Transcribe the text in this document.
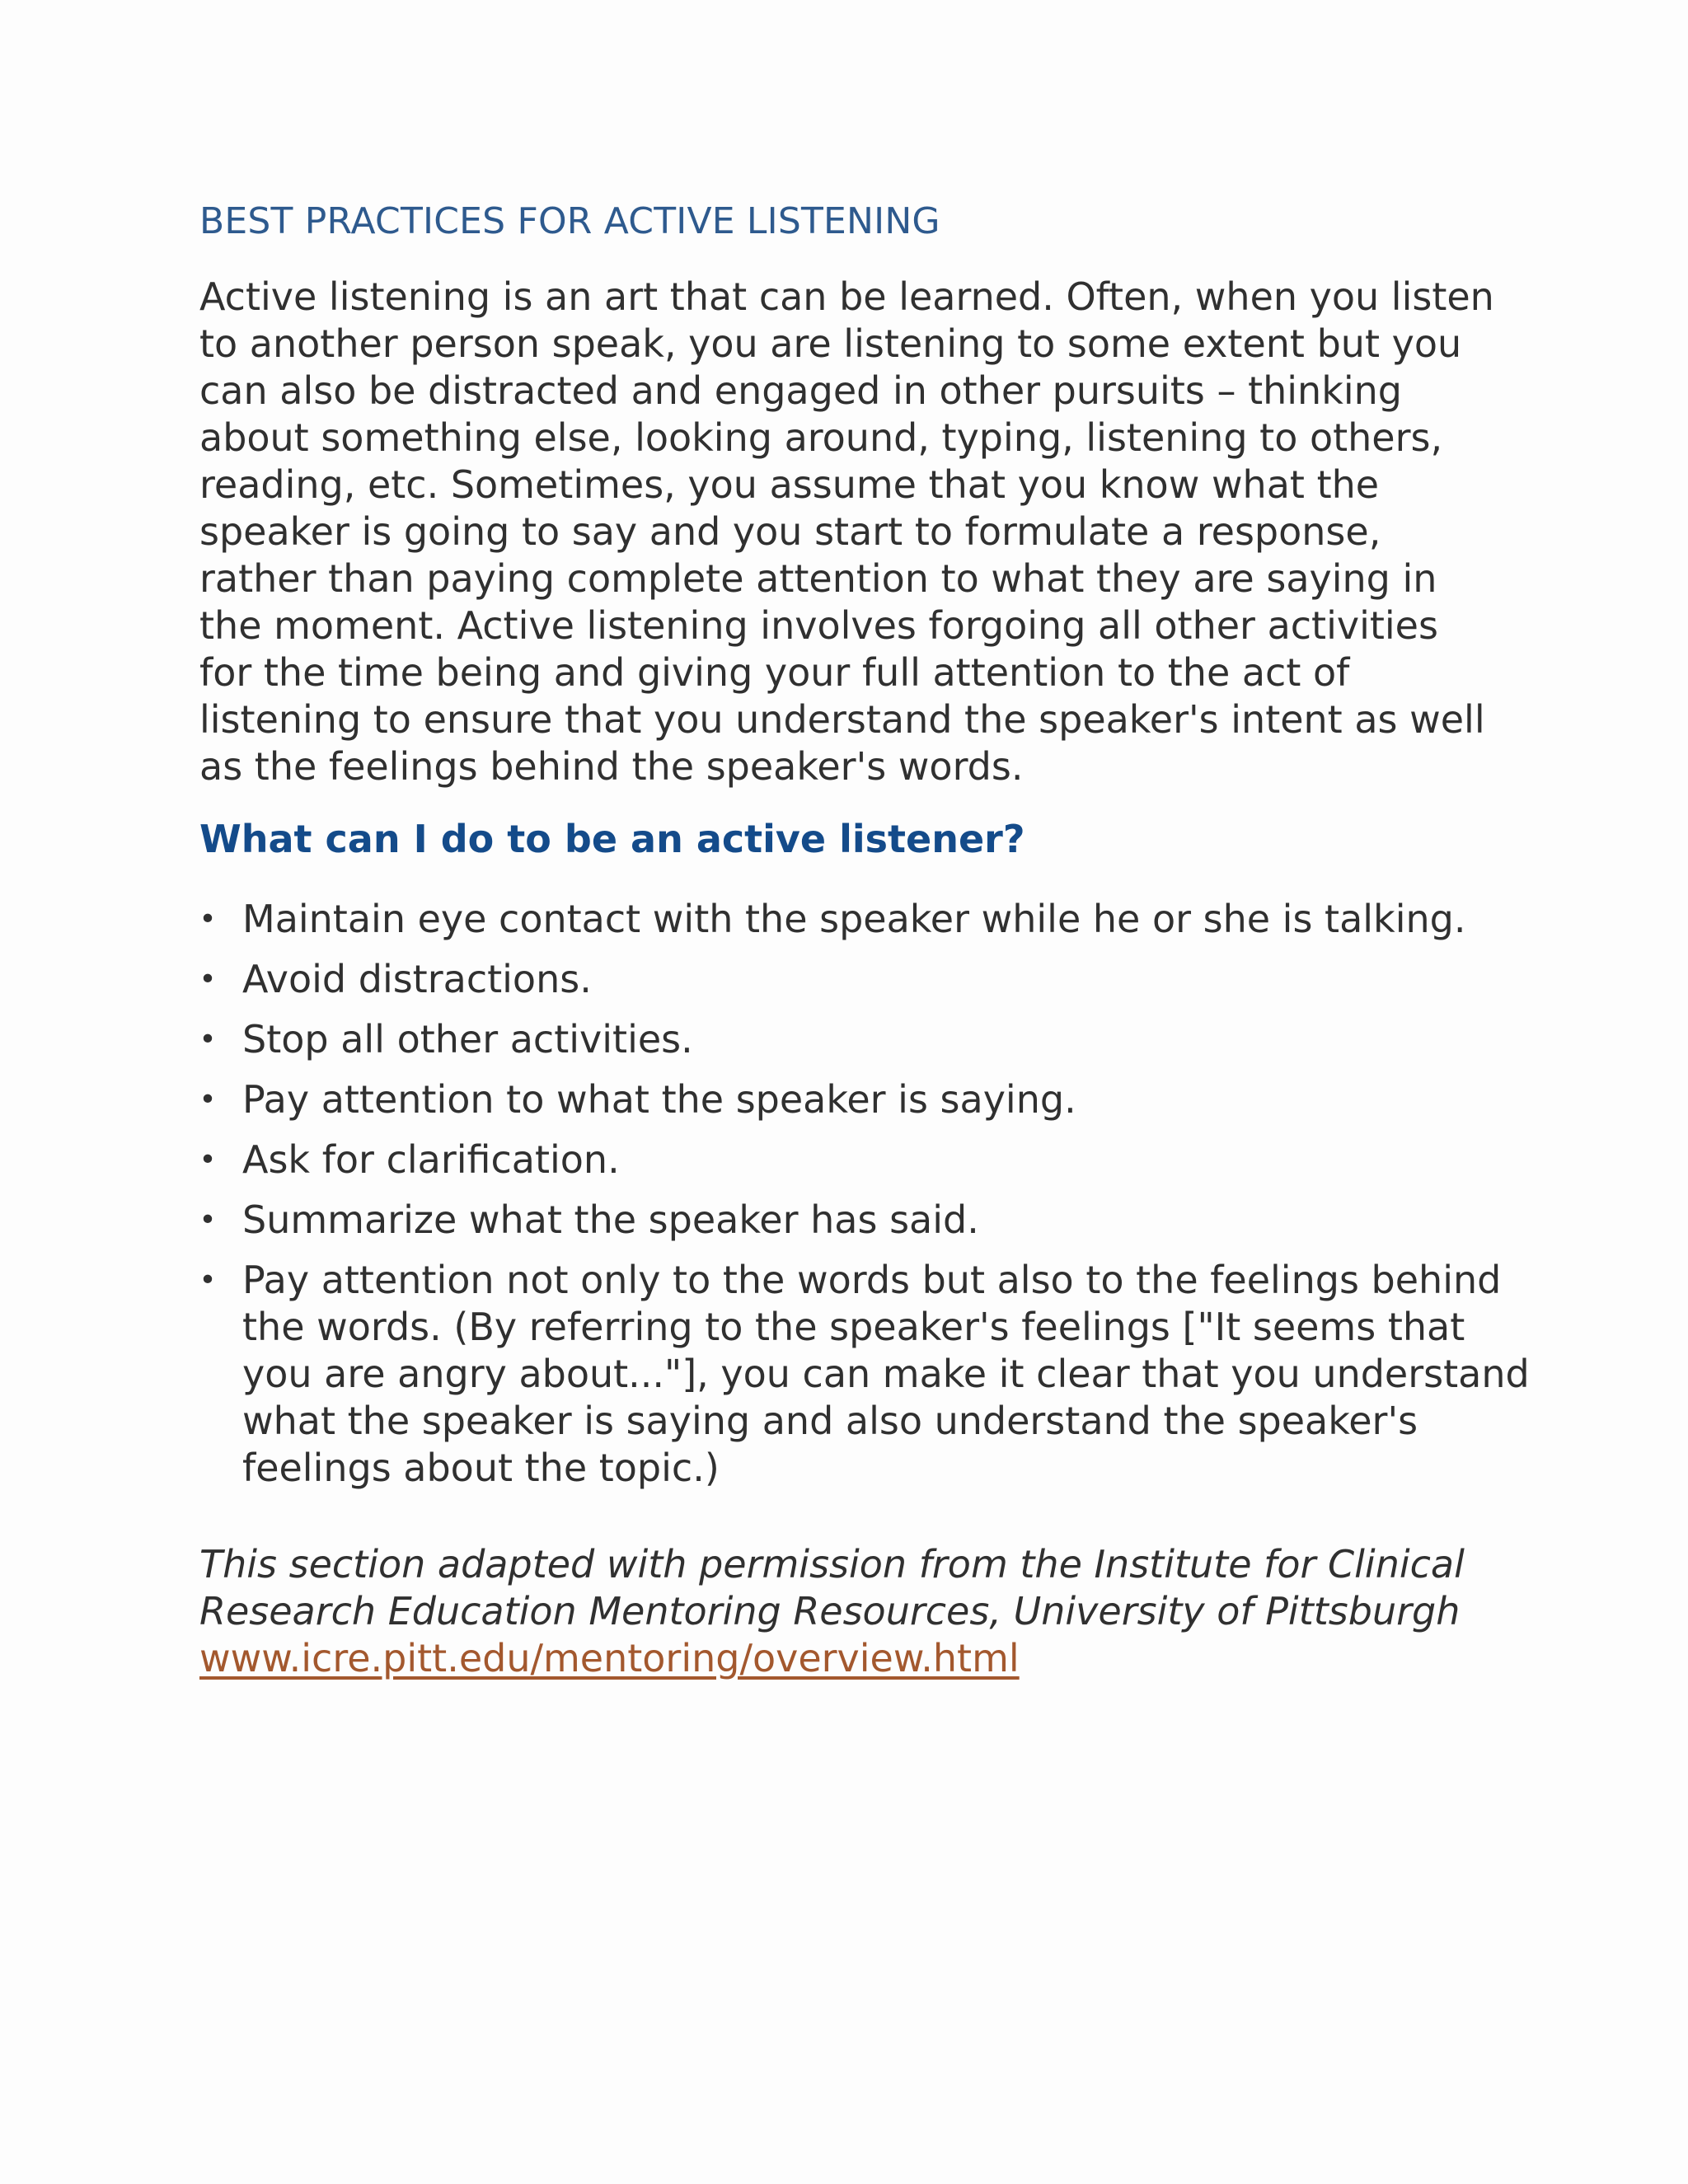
BEST PRACTICES FOR ACTIVE LISTENING

Active listening is an art that can be learned. Often, when you listen to another person speak, you are listening to some extent but you can also be distracted and engaged in other pursuits – thinking about something else, looking around, typing, listening to others, reading, etc. Sometimes, you assume that you know what the speaker is going to say and you start to formulate a response, rather than paying complete attention to what they are saying in the moment. Active listening involves forgoing all other activities for the time being and giving your full attention to the act of listening to ensure that you understand the speaker's intent as well as the feelings behind the speaker's words.

What can I do to be an active listener?
• Maintain eye contact with the speaker while he or she is talking.
• Avoid distractions.
• Stop all other activities.
• Pay attention to what the speaker is saying.
• Ask for clarification.
• Summarize what the speaker has said.
• Pay attention not only to the words but also to the feelings behind the words. (By referring to the speaker's feelings ["It seems that you are angry about..."], you can make it clear that you understand what the speaker is saying and also understand the speaker's feelings about the topic.)

This section adapted with permission from the Institute for Clinical Research Education Mentoring Resources, University of Pittsburgh www.icre.pitt.edu/mentoring/overview.html
